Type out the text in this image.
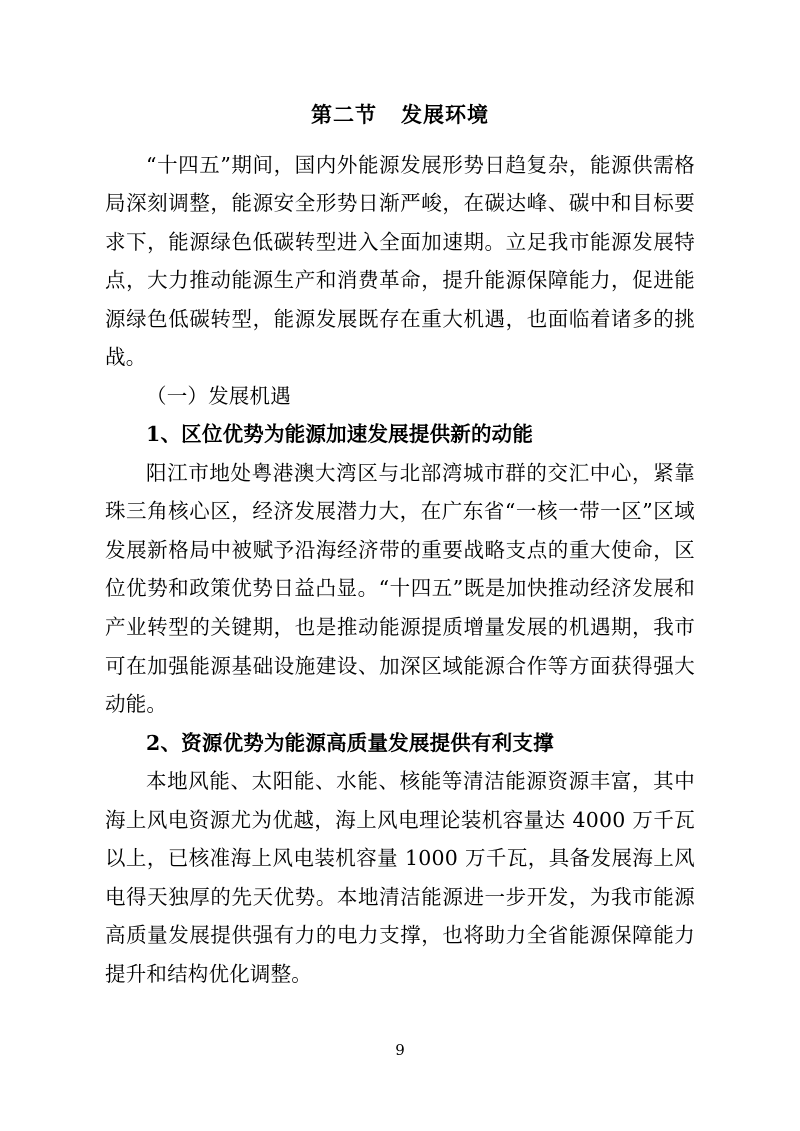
第二节 发展环境

“十四五”期间，国内外能源发展形势日趋复杂，能源供需格局深刻调整，能源安全形势日渐严峻，在碳达峰、碳中和目标要求下，能源绿色低碳转型进入全面加速期。立足我市能源发展特点，大力推动能源生产和消费革命，提升能源保障能力，促进能源绿色低碳转型，能源发展既存在重大机遇，也面临着诸多的挑战。

（一）发展机遇

1、区位优势为能源加速发展提供新的动能

阳江市地处粤港澳大湾区与北部湾城市群的交汇中心，紧靠珠三角核心区，经济发展潜力大，在广东省“一核一带一区”区域发展新格局中被赋予沿海经济带的重要战略支点的重大使命，区位优势和政策优势日益凸显。“十四五”既是加快推动经济发展和产业转型的关键期，也是推动能源提质增量发展的机遇期，我市可在加强能源基础设施建设、加深区域能源合作等方面获得强大动能。

2、资源优势为能源高质量发展提供有利支撑

本地风能、太阳能、水能、核能等清洁能源资源丰富，其中海上风电资源尤为优越，海上风电理论装机容量达 4000 万千瓦以上，已核准海上风电装机容量 1000 万千瓦，具备发展海上风电得天独厚的先天优势。本地清洁能源进一步开发，为我市能源高质量发展提供强有力的电力支撑，也将助力全省能源保障能力提升和结构优化调整。

9
